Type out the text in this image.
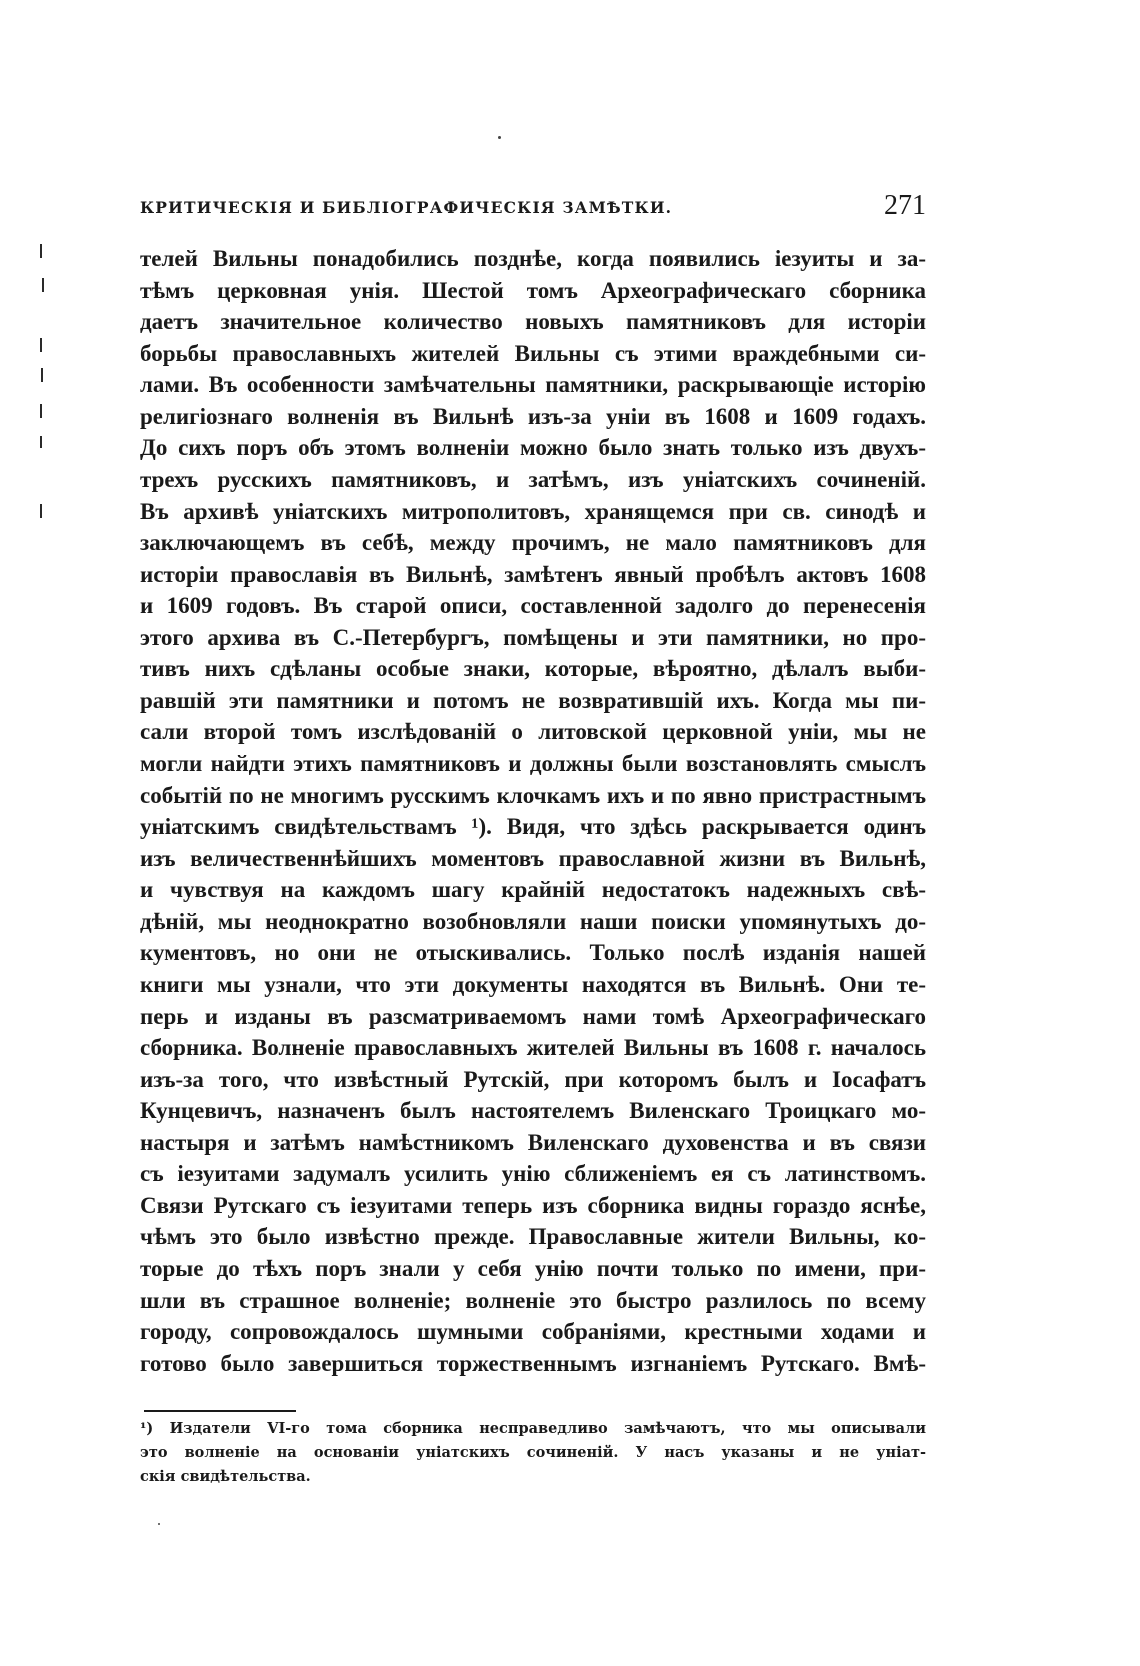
КРИТИЧЕСКІЯ И БИБЛІОГРАФИЧЕСКІЯ ЗАМѢТКИ.	271
телей Вильны понадобились позднѣе, когда появились іезуиты и за-
тѣмъ церковная унія. Шестой томъ Археографическаго сборника
даетъ значительное количество новыхъ памятниковъ для исторіи
борьбы православныхъ жителей Вильны съ этими враждебными си-
лами. Въ особенности замѣчательны памятники, раскрывающіе исторію
религіознаго волненія въ Вильнѣ изъ-за уніи въ 1608 и 1609 годахъ.
До сихъ поръ объ этомъ волненіи можно было знать только изъ двухъ-
трехъ русскихъ памятниковъ, и затѣмъ, изъ уніатскихъ сочиненій.
Въ архивѣ уніатскихъ митрополитовъ, хранящемся при св. синодѣ и
заключающемъ въ себѣ, между прочимъ, не мало памятниковъ для
исторіи православія въ Вильнѣ, замѣтенъ явный пробѣлъ актовъ 1608
и 1609 годовъ. Въ старой описи, составленной задолго до перенесенія
этого архива въ С.-Петербургъ, помѣщены и эти памятники, но про-
тивъ нихъ сдѣланы особые знаки, которые, вѣроятно, дѣлалъ выби-
равшій эти памятники и потомъ не возвратившій ихъ. Когда мы пи-
сали второй томъ изслѣдованій о литовской церковной уніи, мы не
могли найдти этихъ памятниковъ и должны были возстановлять смыслъ
событій по не многимъ русскимъ клочкамъ ихъ и по явно пристрастнымъ
уніатскимъ свидѣтельствамъ ¹). Видя, что здѣсь раскрывается одинъ
изъ величественнѣйшихъ моментовъ православной жизни въ Вильнѣ,
и чувствуя на каждомъ шагу крайній недостатокъ надежныхъ свѣ-
дѣній, мы неоднократно возобновляли наши поиски упомянутыхъ до-
кументовъ, но они не отыскивались. Только послѣ изданія нашей
книги мы узнали, что эти документы находятся въ Вильнѣ. Они те-
перь и изданы въ разсматриваемомъ нами томѣ Археографическаго
сборника. Волненіе православныхъ жителей Вильны въ 1608 г. началось
изъ-за того, что извѣстный Рутскій, при которомъ былъ и Іосафатъ
Кунцевичъ, назначенъ былъ настоятелемъ Виленскаго Троицкаго мо-
настыря и затѣмъ намѣстникомъ Виленскаго духовенства и въ связи
съ іезуитами задумалъ усилить унію сближеніемъ ея съ латинствомъ.
Связи Рутскаго съ іезуитами теперь изъ сборника видны гораздо яснѣе,
чѣмъ это было извѣстно прежде. Православные жители Вильны, ко-
торые до тѣхъ поръ знали у себя унію почти только по имени, при-
шли въ страшное волненіе; волненіе это быстро разлилось по всему
городу, сопровождалось шумными собраніями, крестными ходами и
готово было завершиться торжественнымъ изгнаніемъ Рутскаго. Вмѣ-
¹) Издатели VI-го тома сборника несправедливо замѣчаютъ, что мы описывали
это волненіе на основаніи уніатскихъ сочиненій. У насъ указаны и не уніат-
скія свидѣтельства.
